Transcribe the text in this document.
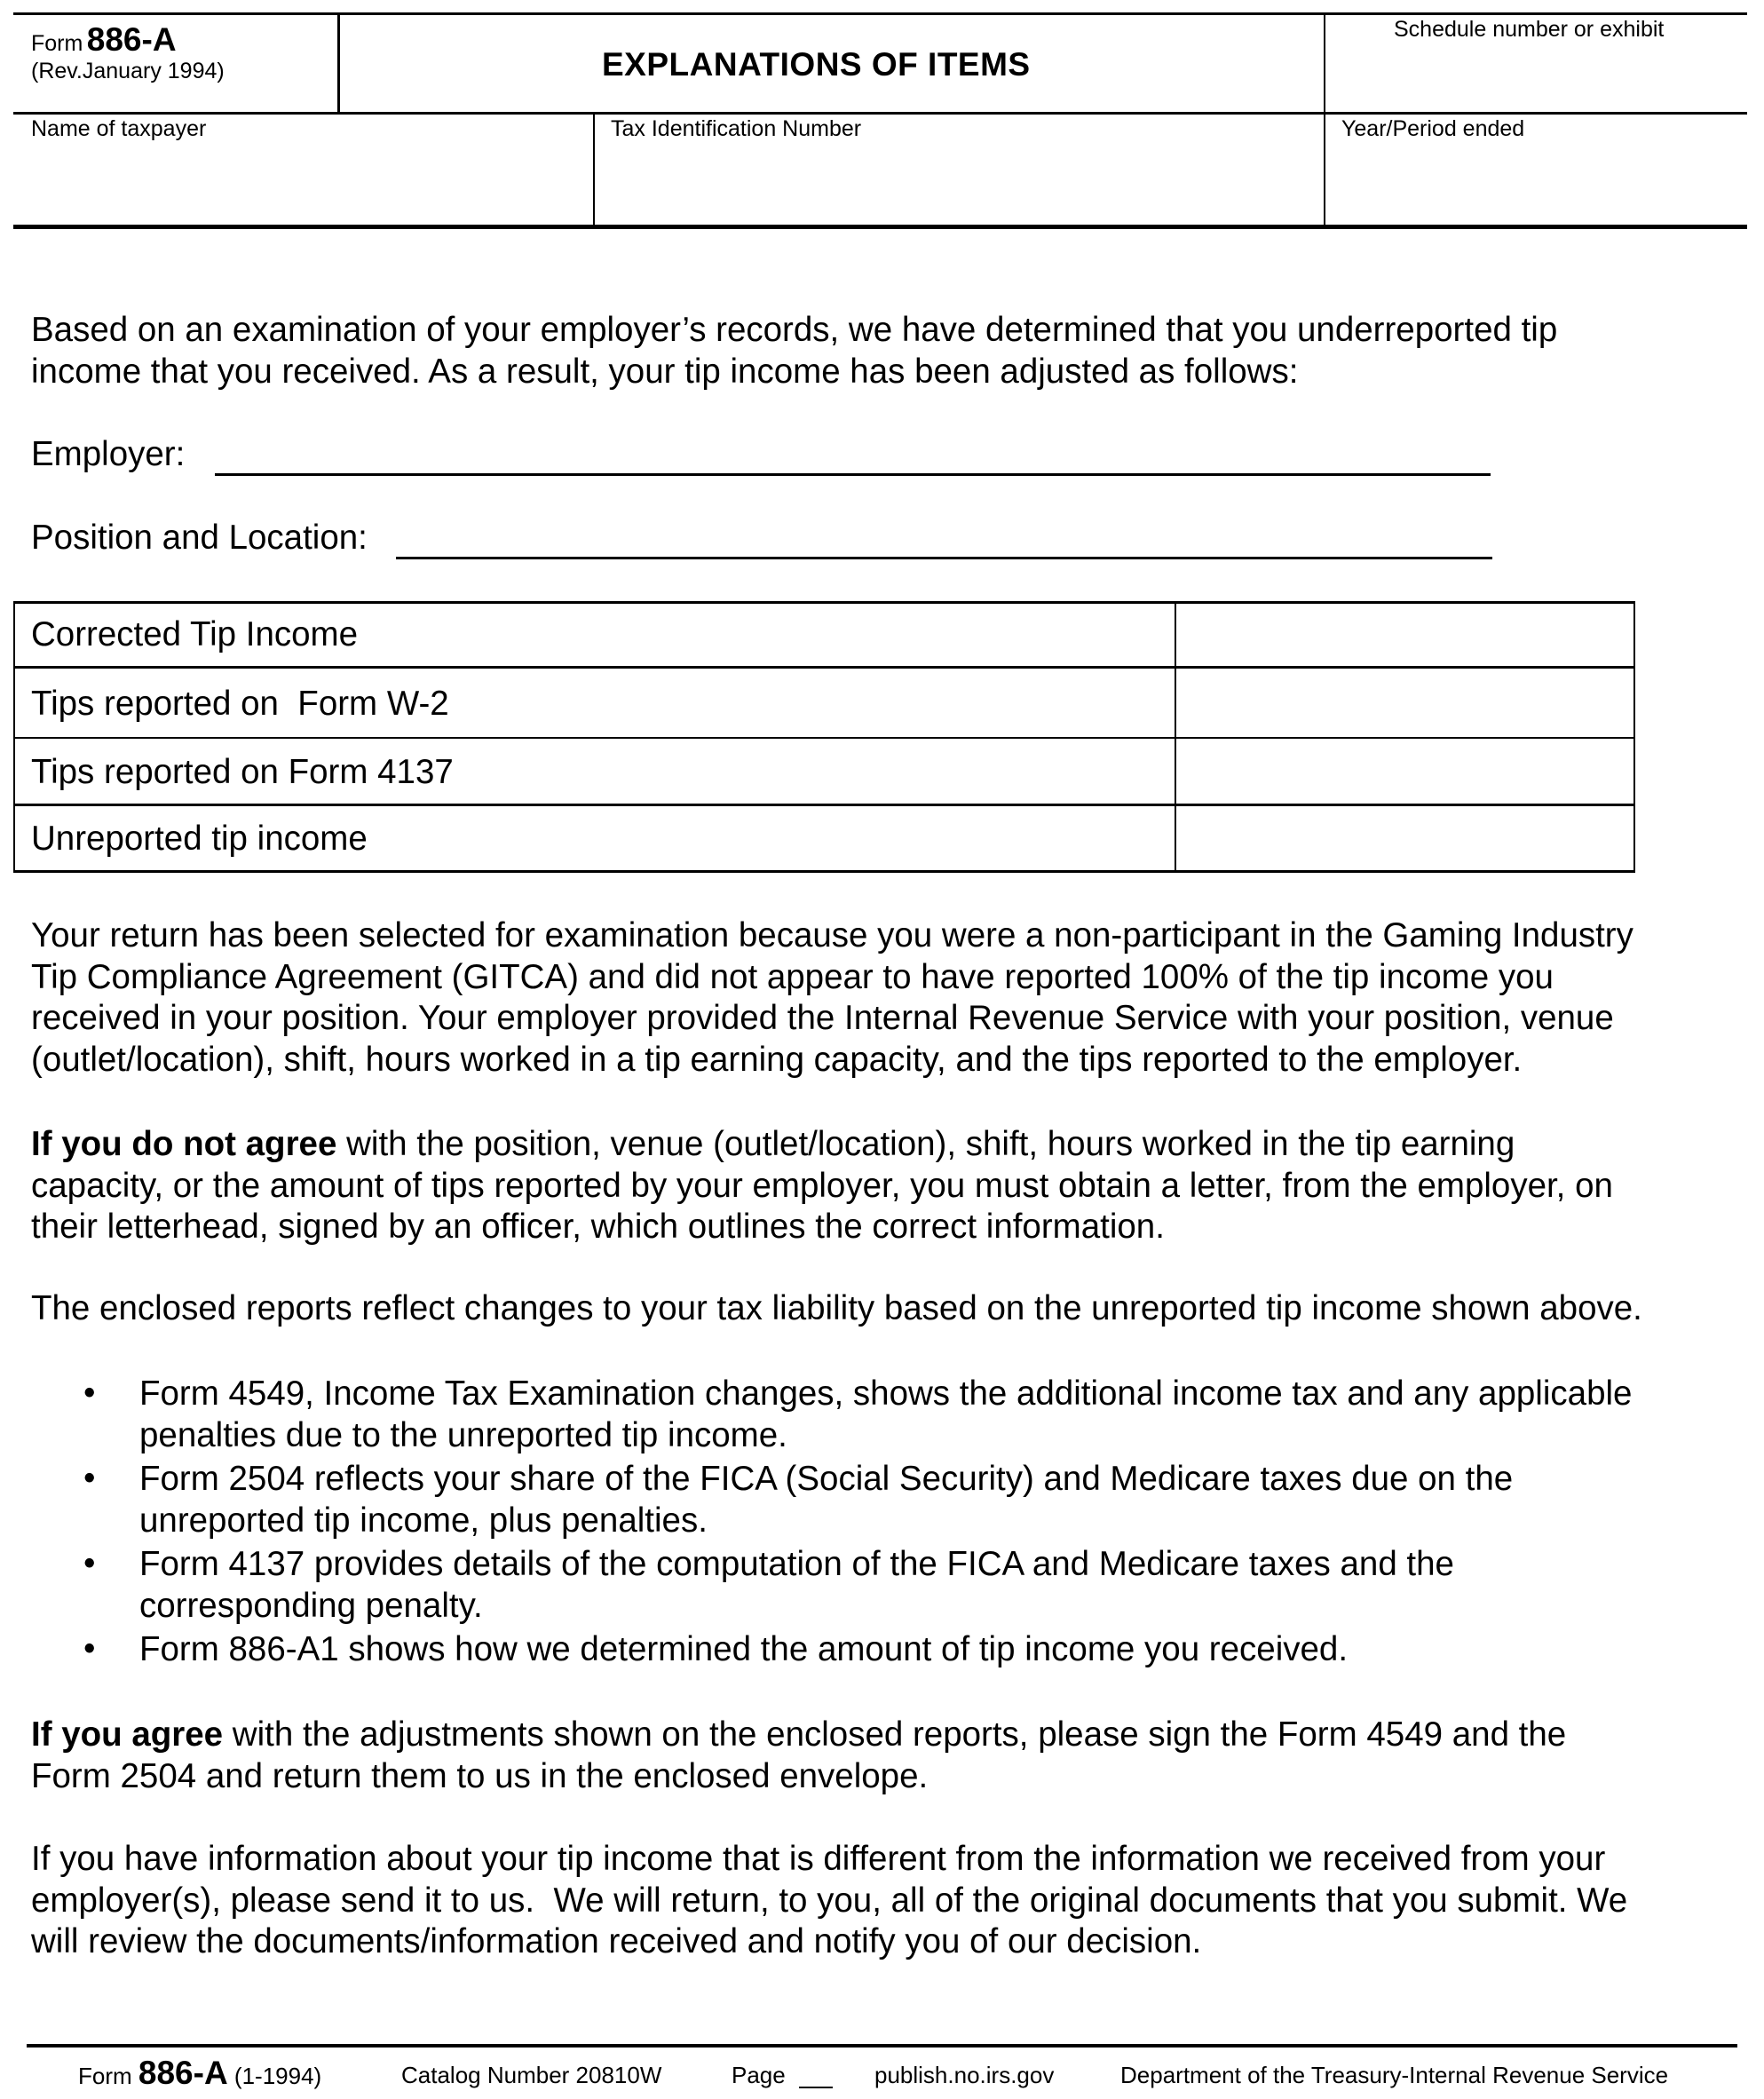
Form 886-A
(Rev.January 1994)	EXPLANATIONS OF ITEMS
Schedule number or exhibit
Name of taxpayer	Tax Identification Number	Year/Period ended
Based on an examination of your employer’s records, we have determined that you underreported tip
income that you received. As a result, your tip income has been adjusted as follows:
Employer:
Position and Location:
Corrected Tip Income
Tips reported on  Form W-2
Tips reported on Form 4137
Unreported tip income
Your return has been selected for examination because you were a non-participant in the Gaming Industry
Tip Compliance Agreement (GITCA) and did not appear to have reported 100% of the tip income you
received in your position. Your employer provided the Internal Revenue Service with your position, venue
(outlet/location), shift, hours worked in a tip earning capacity, and the tips reported to the employer.
If you do not agree with the position, venue (outlet/location), shift, hours worked in the tip earning
capacity, or the amount of tips reported by your employer, you must obtain a letter, from the employer, on
their letterhead, signed by an officer, which outlines the correct information.
The enclosed reports reflect changes to your tax liability based on the unreported tip income shown above.
• Form 4549, Income Tax Examination changes, shows the additional income tax and any applicable
penalties due to the unreported tip income.
• Form 2504 reflects your share of the FICA (Social Security) and Medicare taxes due on the
unreported tip income, plus penalties.
• Form 4137 provides details of the computation of the FICA and Medicare taxes and the
corresponding penalty.
• Form 886-A1 shows how we determined the amount of tip income you received.
If you agree with the adjustments shown on the enclosed reports, please sign the Form 4549 and the
Form 2504 and return them to us in the enclosed envelope.
If you have information about your tip income that is different from the information we received from your
employer(s), please send it to us.  We will return, to you, all of the original documents that you submit. We
will review the documents/information received and notify you of our decision.
Form 886-A (1-1994)	Catalog Number 20810W	Page	publish.no.irs.gov	Department of the Treasury-Internal Revenue Service
